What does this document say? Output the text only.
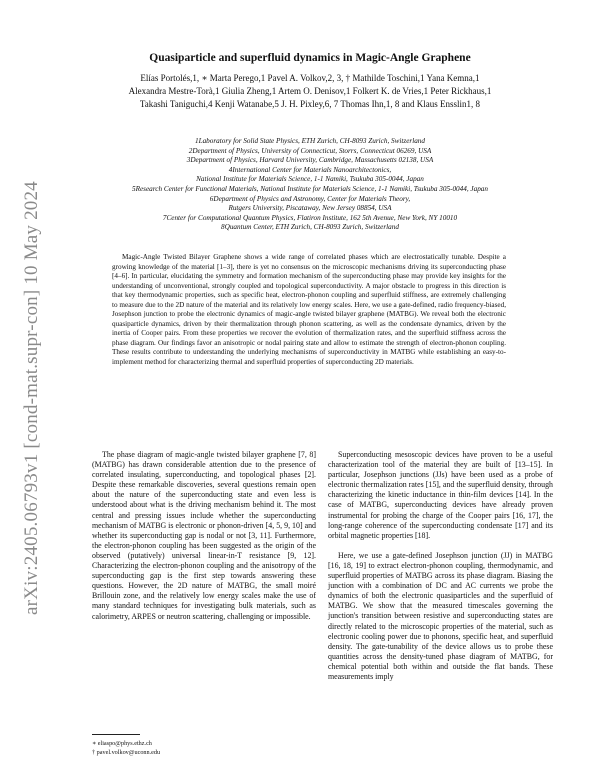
arXiv:2405.06793v1 [cond-mat.supr-con] 10 May 2024
Quasiparticle and superfluid dynamics in Magic-Angle Graphene
Elías Portolés,1, ∗ Marta Perego,1 Pavel A. Volkov,2, 3, † Mathilde Toschini,1 Yana Kemna,1
Alexandra Mestre-Torà,1 Giulia Zheng,1 Artem O. Denisov,1 Folkert K. de Vries,1 Peter Rickhaus,1
Takashi Taniguchi,4 Kenji Watanabe,5 J. H. Pixley,6, 7 Thomas Ihn,1, 8 and Klaus Ensslin1, 8
1Laboratory for Solid State Physics, ETH Zurich, CH-8093 Zurich, Switzerland
2Department of Physics, University of Connecticut, Storrs, Connecticut 06269, USA
3Department of Physics, Harvard University, Cambridge, Massachusetts 02138, USA
4International Center for Materials Nanoarchitectonics,
National Institute for Materials Science, 1-1 Namiki, Tsukuba 305-0044, Japan
5Research Center for Functional Materials, National Institute for Materials Science, 1-1 Namiki, Tsukuba 305-0044, Japan
6Department of Physics and Astronomy, Center for Materials Theory,
Rutgers University, Piscataway, New Jersey 08854, USA
7Center for Computational Quantum Physics, Flatiron Institute, 162 5th Avenue, New York, NY 10010
8Quantum Center, ETH Zurich, CH-8093 Zurich, Switzerland
Magic-Angle Twisted Bilayer Graphene shows a wide range of correlated phases which are electrostatically tunable. Despite a growing knowledge of the material [1–3], there is yet no consensus on the microscopic mechanisms driving its superconducting phase [4–6]. In particular, elucidating the symmetry and formation mechanism of the superconducting phase may provide key insights for the understanding of unconventional, strongly coupled and topological superconductivity. A major obstacle to progress in this direction is that key thermodynamic properties, such as specific heat, electron-phonon coupling and superfluid stiffness, are extremely challenging to measure due to the 2D nature of the material and its relatively low energy scales. Here, we use a gate-defined, radio frequency-biased, Josephson junction to probe the electronic dynamics of magic-angle twisted bilayer graphene (MATBG). We reveal both the electronic quasiparticle dynamics, driven by their thermalization through phonon scattering, as well as the condensate dynamics, driven by the inertia of Cooper pairs. From these properties we recover the evolution of thermalization rates, and the superfluid stiffness across the phase diagram. Our findings favor an anisotropic or nodal pairing state and allow to estimate the strength of electron-phonon coupling. These results contribute to understanding the underlying mechanisms of superconductivity in MATBG while establishing an easy-to-implement method for characterizing thermal and superfluid properties of superconducting 2D materials.

The phase diagram of magic-angle twisted bilayer graphene [7, 8] (MATBG) has drawn considerable attention due to the presence of correlated insulating, superconducting, and topological phases [2]. Despite these remarkable discoveries, several questions remain open about the nature of the superconducting state and even less is understood about what is the driving mechanism behind it. The most central and pressing issues include whether the superconducting mechanism of MATBG is electronic or phonon-driven [4, 5, 9, 10] and whether its superconducting gap is nodal or not [3, 11]. Furthermore, the electron-phonon coupling has been suggested as the origin of the observed (putatively) universal linear-in-T resistance [9, 12]. Characterizing the electron-phonon coupling and the anisotropy of the superconducting gap is the first step towards answering these questions. However, the 2D nature of MATBG, the small moiré Brillouin zone, and the relatively low energy scales make the use of many standard techniques for investigating bulk materials, such as calorimetry, ARPES or neutron scattering, challenging or impossible.

Superconducting mesoscopic devices have proven to be a useful characterization tool of the material they are built of [13–15]. In particular, Josephson junctions (JJs) have been used as a probe of electronic thermalization rates [15], and the superfluid density, through characterizing the kinetic inductance in thin-film devices [14]. In the case of MATBG, superconducting devices have already proven instrumental for probing the charge of the Cooper pairs [16, 17], the long-range coherence of the superconducting condensate [17] and its orbital magnetic properties [18].

Here, we use a gate-defined Josephson junction (JJ) in MATBG [16, 18, 19] to extract electron-phonon coupling, thermodynamic, and superfluid properties of MATBG across its phase diagram. Biasing the junction with a combination of DC and AC currents we probe the dynamics of both the electronic quasiparticles and the superfluid of MATBG. We show that the measured timescales governing the junction's transition between resistive and superconducting states are directly related to the microscopic properties of the material, such as electronic cooling power due to phonons, specific heat, and superfluid density. The gate-tunability of the device allows us to probe these quantities across the density-tuned phase diagram of MATBG, for chemical potential both within and outside the flat bands. These measurements imply

∗ eliaspo@phys.ethz.ch
† pavel.volkov@uconn.edu
